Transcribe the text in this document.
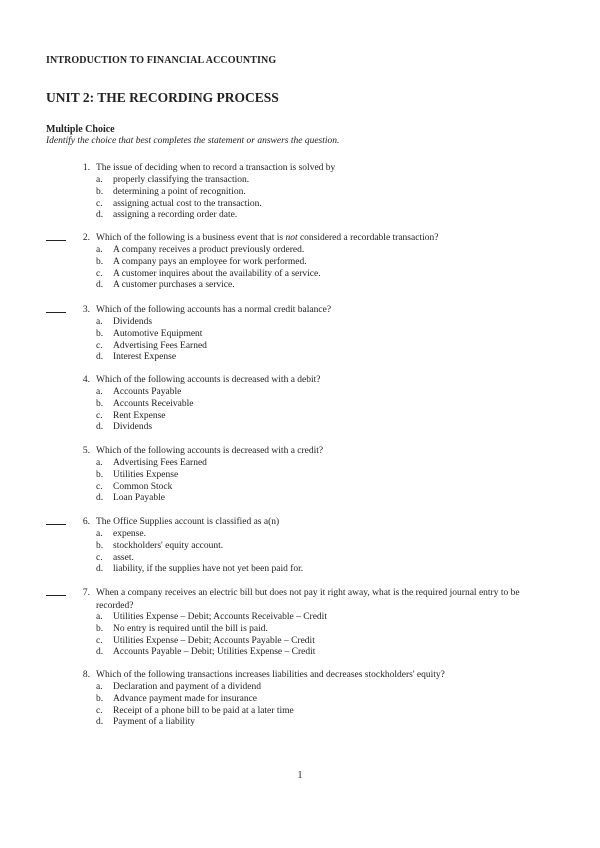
INTRODUCTION TO FINANCIAL ACCOUNTING
UNIT 2: THE RECORDING PROCESS
Multiple Choice
Identify the choice that best completes the statement or answers the question.
1. The issue of deciding when to record a transaction is solved by
a. properly classifying the transaction.
b. determining a point of recognition.
c. assigning actual cost to the transaction.
d. assigning a recording order date.
2. Which of the following is a business event that is not considered a recordable transaction?
a. A company receives a product previously ordered.
b. A company pays an employee for work performed.
c. A customer inquires about the availability of a service.
d. A customer purchases a service.
3. Which of the following accounts has a normal credit balance?
a. Dividends
b. Automotive Equipment
c. Advertising Fees Earned
d. Interest Expense
4. Which of the following accounts is decreased with a debit?
a. Accounts Payable
b. Accounts Receivable
c. Rent Expense
d. Dividends
5. Which of the following accounts is decreased with a credit?
a. Advertising Fees Earned
b. Utilities Expense
c. Common Stock
d. Loan Payable
6. The Office Supplies account is classified as a(n)
a. expense.
b. stockholders' equity account.
c. asset.
d. liability, if the supplies have not yet been paid for.
7. When a company receives an electric bill but does not pay it right away, what is the required journal entry to be recorded?
a. Utilities Expense – Debit; Accounts Receivable – Credit
b. No entry is required until the bill is paid.
c. Utilities Expense – Debit; Accounts Payable – Credit
d. Accounts Payable – Debit; Utilities Expense – Credit
8. Which of the following transactions increases liabilities and decreases stockholders' equity?
a. Declaration and payment of a dividend
b. Advance payment made for insurance
c. Receipt of a phone bill to be paid at a later time
d. Payment of a liability
1
